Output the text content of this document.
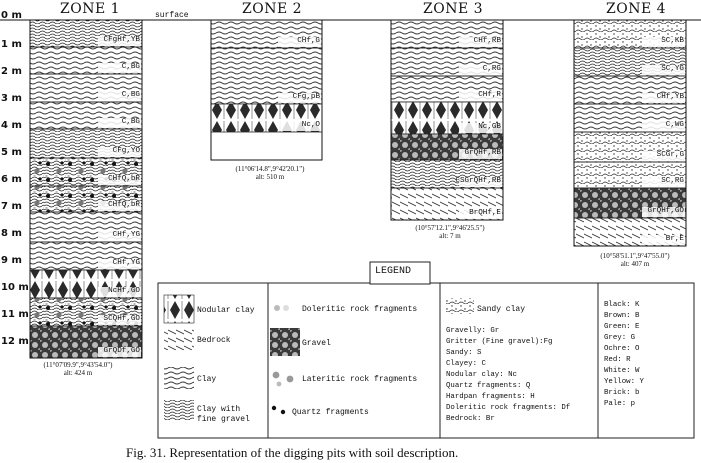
ZONE 1	ZONE 2	ZONE 3	ZONE 4
surface
0 m
1 m
2 m
3 m
4 m
5 m
6 m
7 m
8 m
9 m
10 m
11 m
12 m
CFgHf,YB
C,BG
C,BG
C,BG
CFg,YO
CHfQ,bR
CHfQ,bR
CHf,YG
CHf,YG
NcHf,GO
SCQHf,GO
GrQDf,GO
CHf,G
CFg,pB
Nc,O
CHf,RB
C,RG
CHf,R
Nc,GB
GrQHf,RB
CSGrQHf,RB
BrQHf,E
SC,KB
SC,YG
CHf,YB
C,WG
SCGr,G
SC,RG
GrQHf,GO
Br,E
(11°07'09.9",9°43'54.0")
alt: 424 m
(11°06'14.8",9°42'20.1")
alt: 510 m
(10°57'12.1",9°46'25.5")
alt: 7 m
(10°58'51.1",9°47'55.0")
alt: 407 m
LEGEND
Nodular clay
Bedrock
Clay
Clay with fine gravel
Doleritic rock fragments
Gravel
Lateritic rock fragments
Quartz fragments
Sandy clay
Gravelly: Gr
Gritter (Fine gravel):Fg
Sandy: S
Clayey: C
Nodular clay: Nc
Quartz fragments: Q
Hardpan fragments: H
Doleritic rock fragments: Df
Bedrock: Br
Black: K
Brown: B
Green: E
Grey: G
Ochre: O
Red: R
White: W
Yellow: Y
Brick: b
Pale: p
Fig. 31. Representation of the digging pits with soil description.
